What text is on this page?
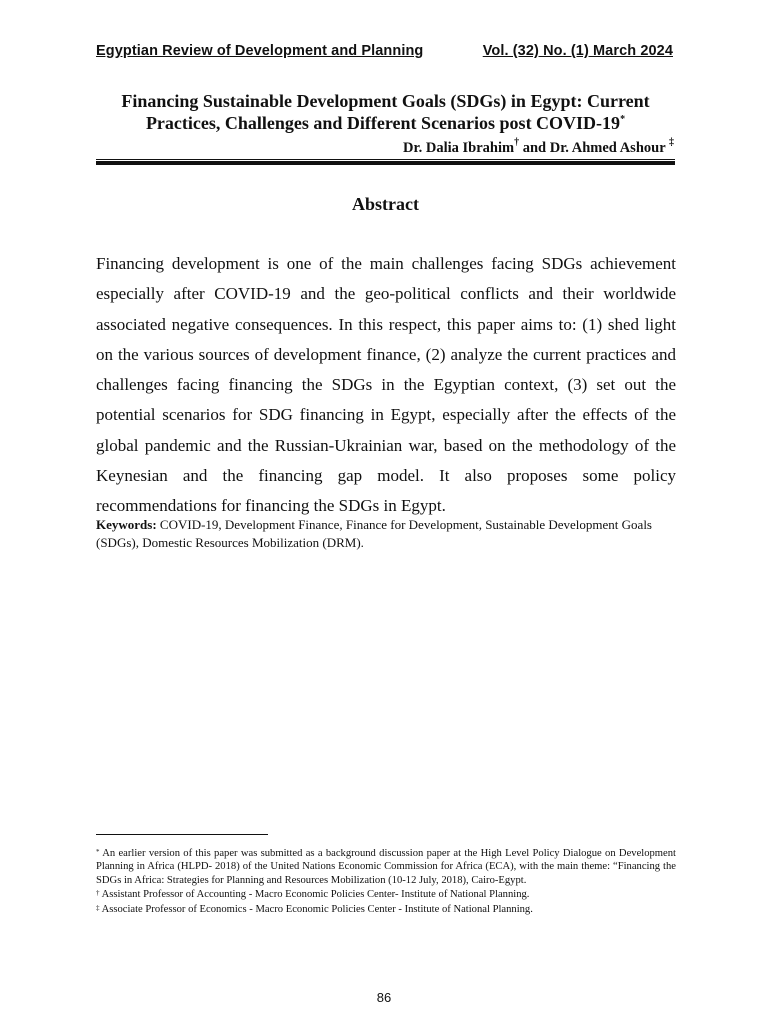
Egyptian Review of Development and Planning	Vol. (32) No. (1) March 2024
Financing Sustainable Development Goals (SDGs) in Egypt: Current
Practices, Challenges and Different Scenarios post COVID-19*
Dr. Dalia Ibrahim† and Dr. Ahmed Ashour ‡
Abstract

Financing development is one of the main challenges facing SDGs achievement especially after COVID-19 and the geo-political conflicts and their worldwide associated negative consequences. In this respect, this paper aims to: (1) shed light on the various sources of development finance, (2) analyze the current practices and challenges facing financing the SDGs in the Egyptian context, (3) set out the potential scenarios for SDG financing in Egypt, especially after the effects of the global pandemic and the Russian-Ukrainian war, based on the methodology of the Keynesian and the financing gap model. It also proposes some policy recommendations for financing the SDGs in Egypt.

Keywords: COVID-19, Development Finance, Finance for Development, Sustainable Development Goals (SDGs), Domestic Resources Mobilization (DRM).

* An earlier version of this paper was submitted as a background discussion paper at the High Level Policy Dialogue on Development Planning in Africa (HLPD- 2018) of the United Nations Economic Commission for Africa (ECA), with the main theme: “Financing the SDGs in Africa: Strategies for Planning and Resources Mobilization (10-12 July, 2018), Cairo-Egypt.

† Assistant Professor of Accounting - Macro Economic Policies Center- Institute of National Planning.

‡ Associate Professor of Economics - Macro Economic Policies Center - Institute of National Planning.

86
